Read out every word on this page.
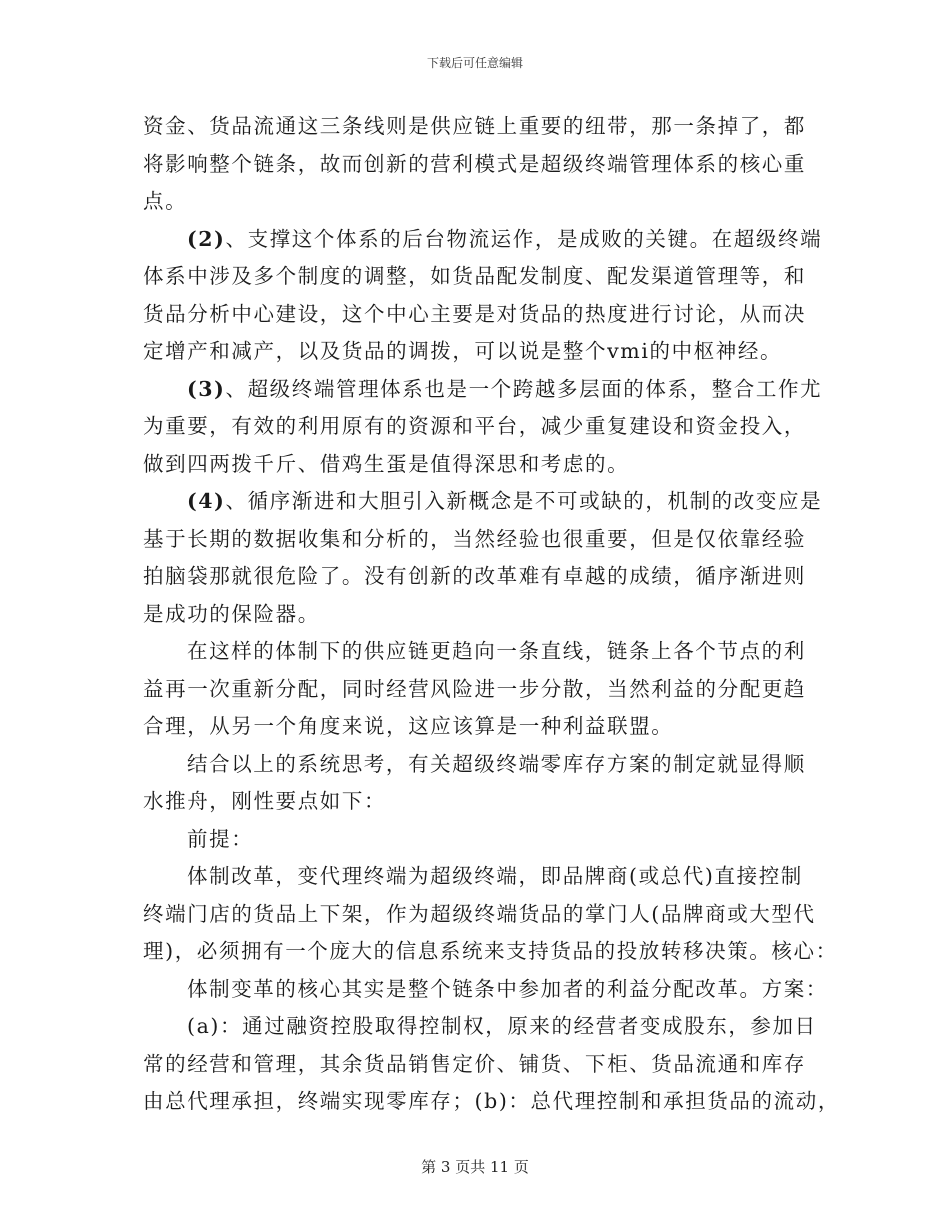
下载后可任意编辑
资金、货品流通这三条线则是供应链上重要的纽带，那一条掉了，都
将影响整个链条，故而创新的营利模式是超级终端管理体系的核心重
点。
(2)、支撑这个体系的后台物流运作，是成败的关键。在超级终端
体系中涉及多个制度的调整，如货品配发制度、配发渠道管理等，和
货品分析中心建设，这个中心主要是对货品的热度进行讨论，从而决
定增产和减产，以及货品的调拨，可以说是整个vmi的中枢神经。
(3)、超级终端管理体系也是一个跨越多层面的体系，整合工作尤
为重要，有效的利用原有的资源和平台，减少重复建设和资金投入，
做到四两拨千斤、借鸡生蛋是值得深思和考虑的。
(4)、循序渐进和大胆引入新概念是不可或缺的，机制的改变应是
基于长期的数据收集和分析的，当然经验也很重要，但是仅依靠经验
拍脑袋那就很危险了。没有创新的改革难有卓越的成绩，循序渐进则
是成功的保险器。
在这样的体制下的供应链更趋向一条直线，链条上各个节点的利
益再一次重新分配，同时经营风险进一步分散，当然利益的分配更趋
合理，从另一个角度来说，这应该算是一种利益联盟。
结合以上的系统思考，有关超级终端零库存方案的制定就显得顺
水推舟，刚性要点如下：
前提：
体制改革，变代理终端为超级终端，即品牌商(或总代)直接控制
终端门店的货品上下架，作为超级终端货品的掌门人(品牌商或大型代
理)，必须拥有一个庞大的信息系统来支持货品的投放转移决策。核心：
体制变革的核心其实是整个链条中参加者的利益分配改革。方案：
(a)：通过融资控股取得控制权，原来的经营者变成股东，参加日
常的经营和管理，其余货品销售定价、铺货、下柜、货品流通和库存
由总代理承担，终端实现零库存；(b)：总代理控制和承担货品的流动，
第 3 页共 11 页
